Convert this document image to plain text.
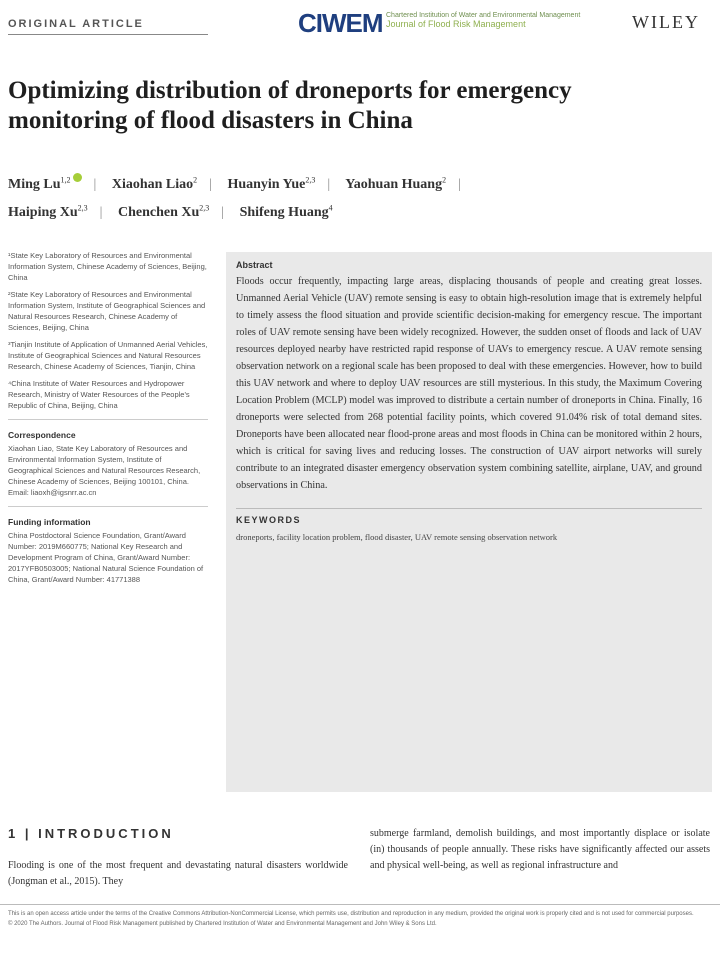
ORIGINAL ARTICLE	CIWEM Chartered Institution of Water and Environmental Management
Journal of Flood Risk Management	WILEY
Optimizing distribution of droneports for emergency monitoring of flood disasters in China
Ming Lu$^{1,2}$ | Xiaohan Liao$^2$ | Huanyin Yue$^{2,3}$ | Yaohuan Huang$^2$ |
Haiping Xu$^{2,3}$ | Chenchen Xu$^{2,3}$ | Shifeng Huang$^4$
¹State Key Laboratory of Resources and Environmental Information System, Chinese Academy of Sciences, Beijing, China
²State Key Laboratory of Resources and Environmental Information System, Institute of Geographical Sciences and Natural Resources Research, Chinese Academy of Sciences, Beijing, China
³Tianjin Institute of Application of Unmanned Aerial Vehicles, Institute of Geographical Sciences and Natural Resources Research, Chinese Academy of Sciences, Tianjin, China
⁴China Institute of Water Resources and Hydropower Research, Ministry of Water Resources of the People's Republic of China, Beijing, China
Correspondence
Xiaohan Liao, State Key Laboratory of Resources and Environmental Information System, Institute of Geographical Sciences and Natural Resources Research, Chinese Academy of Sciences, Beijing 100101, China.
Email: liaoxh@igsnrr.ac.cn
Funding information
China Postdoctoral Science Foundation, Grant/Award Number: 2019M660775; National Key Research and Development Program of China, Grant/Award Number: 2017YFB0503005; National Natural Science Foundation of China, Grant/Award Number: 41771388
Abstract

Floods occur frequently, impacting large areas, displacing thousands of people and creating great losses. Unmanned Aerial Vehicle (UAV) remote sensing is easy to obtain high-resolution image that is extremely helpful to timely assess the flood situation and provide scientific decision-making for emergency rescue. The important roles of UAV remote sensing have been widely recognized. However, the sudden onset of floods and lack of UAV resources deployed nearby have restricted rapid response of UAVs to emergency rescue. A UAV remote sensing observation network on a regional scale has been proposed to deal with these emergencies. However, how to build this UAV network and where to deploy UAV resources are still mysterious. In this study, the Maximum Covering Location Problem (MCLP) model was improved to distribute a certain number of droneports in China. Finally, 16 droneports were selected from 268 potential facility points, which covered 91.04% risk of total demand sites. Droneports have been allocated near flood-prone areas and most floods in China can be monitored within 2 hours, which is critical for saving lives and reducing losses. The construction of UAV airport networks will surely contribute to an integrated disaster emergency observation system combining satellite, airplane, UAV, and ground observations in China.

KEYWORDS

droneports, facility location problem, flood disaster, UAV remote sensing observation network

1 | INTRODUCTION

Flooding is one of the most frequent and devastating natural disasters worldwide (Jongman et al., 2015). They

submerge farmland, demolish buildings, and most importantly displace or isolate (in) thousands of people annually. These risks have significantly affected our assets and physical well-being, as well as regional infrastructure and

This is an open access article under the terms of the Creative Commons Attribution-NonCommercial License, which permits use, distribution and reproduction in any medium, provided the original work is properly cited and is not used for commercial purposes.
© 2020 The Authors. Journal of Flood Risk Management published by Chartered Institution of Water and Environmental Management and John Wiley & Sons Ltd.
